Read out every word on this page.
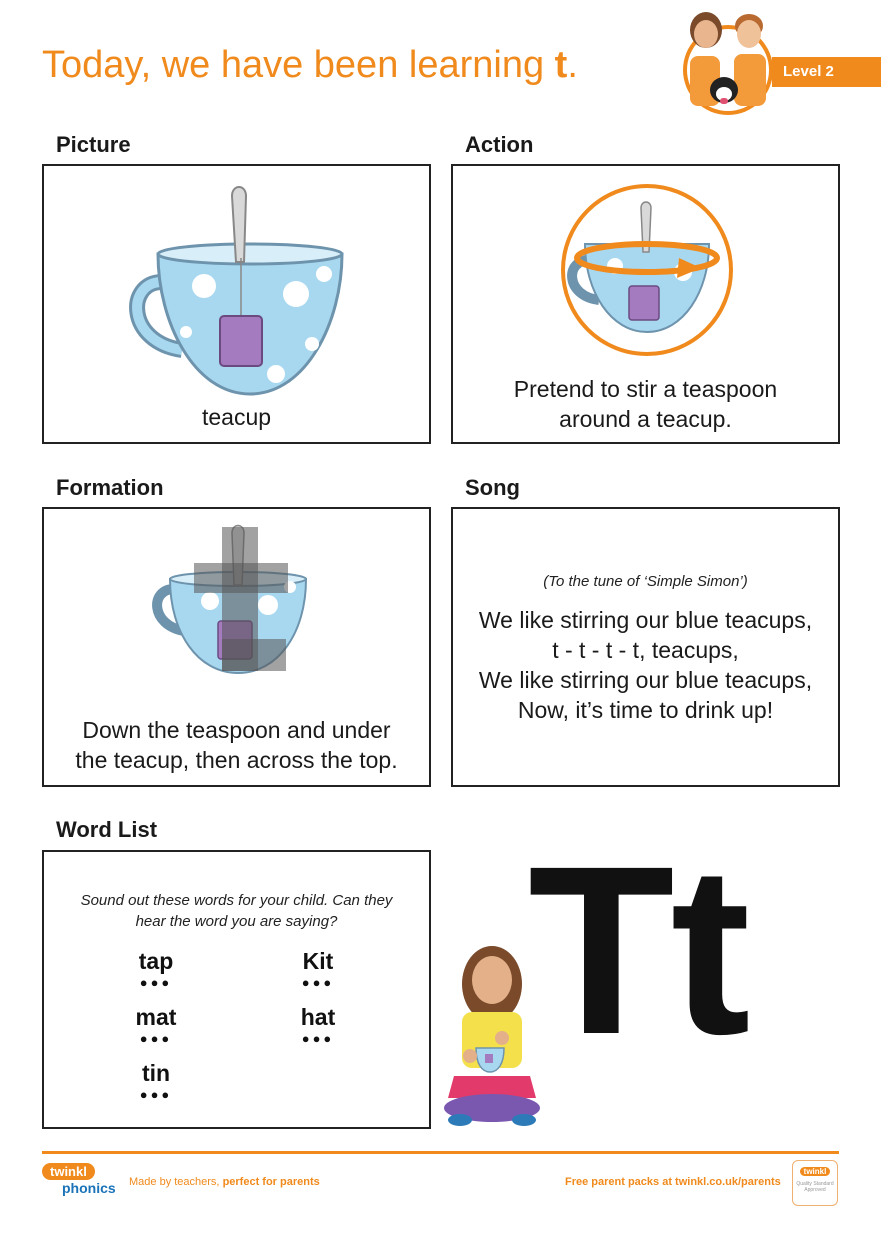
Today, we have been learning t.	Level 2
Picture
teacup
Action
Pretend to stir a teaspoon
around a teacup.
Formation
Down the teaspoon and under
the teacup, then across the top.
Song
(To the tune of ‘Simple Simon’)
We like stirring our blue teacups,
t - t - t - t, teacups,
We like stirring our blue teacups,
Now, it’s time to drink up!
Word List
Sound out these words for your child. Can they
hear the word you are saying?
tap
●●●
Kit
●●●
mat
●●●
hat
●●●
tin
●●●
Tt
twinkl
phonics Made by teachers, perfect for parents	Free parent packs at twinkl.co.uk/parents
twinkl
Quality Standard Approved
